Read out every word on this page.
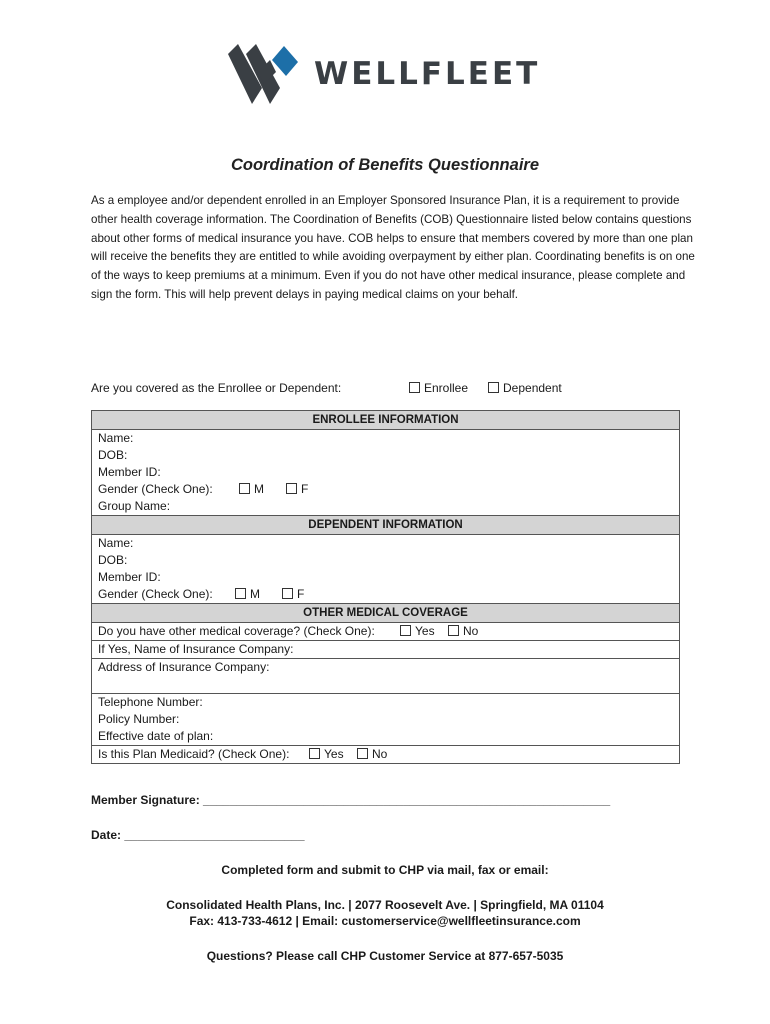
WELLFLEET
Coordination of Benefits Questionnaire
As a employee and/or dependent enrolled in an Employer Sponsored Insurance Plan, it is a requirement to provide other health coverage information. The Coordination of Benefits (COB) Questionnaire listed below contains questions about other forms of medical insurance you have. COB helps to ensure that members covered by more than one plan will receive the benefits they are entitled to while avoiding overpayment by either plan. Coordinating benefits is on one of the ways to keep premiums at a minimum. Even if you do not have other medical insurance, please complete and sign the form. This will help prevent delays in paying medical claims on your behalf.
Are you covered as the Enrollee or Dependent:	Enrollee	Dependent
ENROLLEE INFORMATION
Name:
DOB:
Member ID:
Gender (Check One):	M	F
Group Name:
DEPENDENT INFORMATION
Name:
DOB:
Member ID:
Gender (Check One):	M	F
OTHER MEDICAL COVERAGE
Do you have other medical coverage? (Check One):	Yes No
If Yes, Name of Insurance Company:
Address of Insurance Company:
Telephone Number:
Policy Number:
Effective date of plan:
Is this Plan Medicaid? (Check One):	Yes No
Member Signature: _____________________________________________________________
Date: ___________________________
Completed form and submit to CHP via mail, fax or email:
Consolidated Health Plans, Inc. | 2077 Roosevelt Ave. | Springfield, MA 01104
Fax: 413-733-4612 | Email: customerservice@wellfleetinsurance.com
Questions? Please call CHP Customer Service at 877-657-5035
